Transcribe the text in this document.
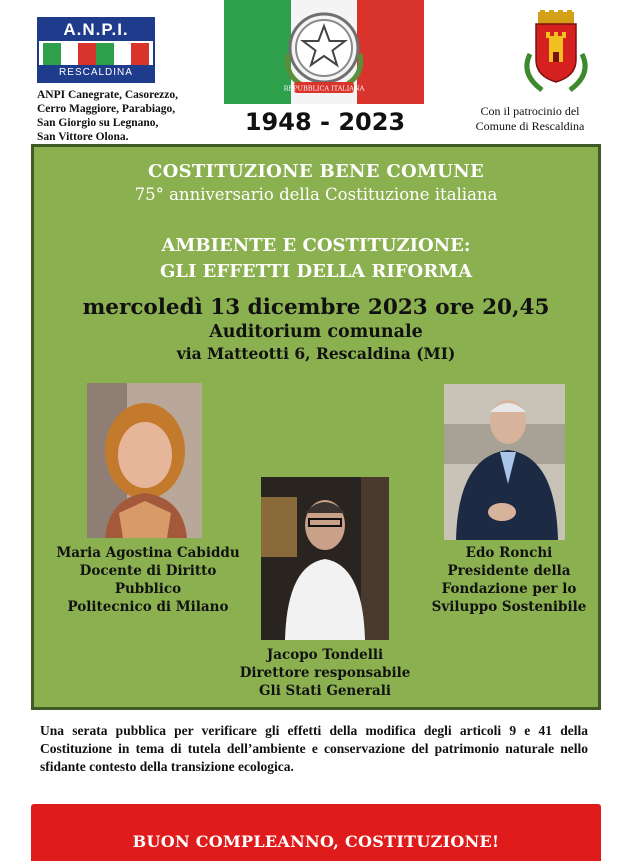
A.N.P.I.
RESCALDINA
ANPI Canegrate, Casorezzo,
Cerro Maggiore, Parabiago,
San Giorgio su Legnano,
San Vittore Olona.
REPUBBLICA ITALIANA
1948 - 2023	Con il patrocinio del
Comune di Rescaldina
COSTITUZIONE BENE COMUNE
75° anniversario della Costituzione italiana
AMBIENTE E COSTITUZIONE:
GLI EFFETTI DELLA RIFORMA
mercoledì 13 dicembre 2023 ore 20,45
Auditorium comunale
via Matteotti 6, Rescaldina (MI)
Maria Agostina Cabiddu
Docente di Diritto Pubblico
Politecnico di Milano
Jacopo Tondelli
Direttore responsabile
Gli Stati Generali
Edo Ronchi
Presidente della
Fondazione per lo
Sviluppo Sostenibile
Una serata pubblica per verificare gli effetti della modifica degli articoli 9 e 41 della Costituzione in tema di tutela dell’ambiente e conservazione del patrimonio naturale nello sfidante contesto della transizione ecologica.
BUON COMPLEANNO, COSTITUZIONE!
